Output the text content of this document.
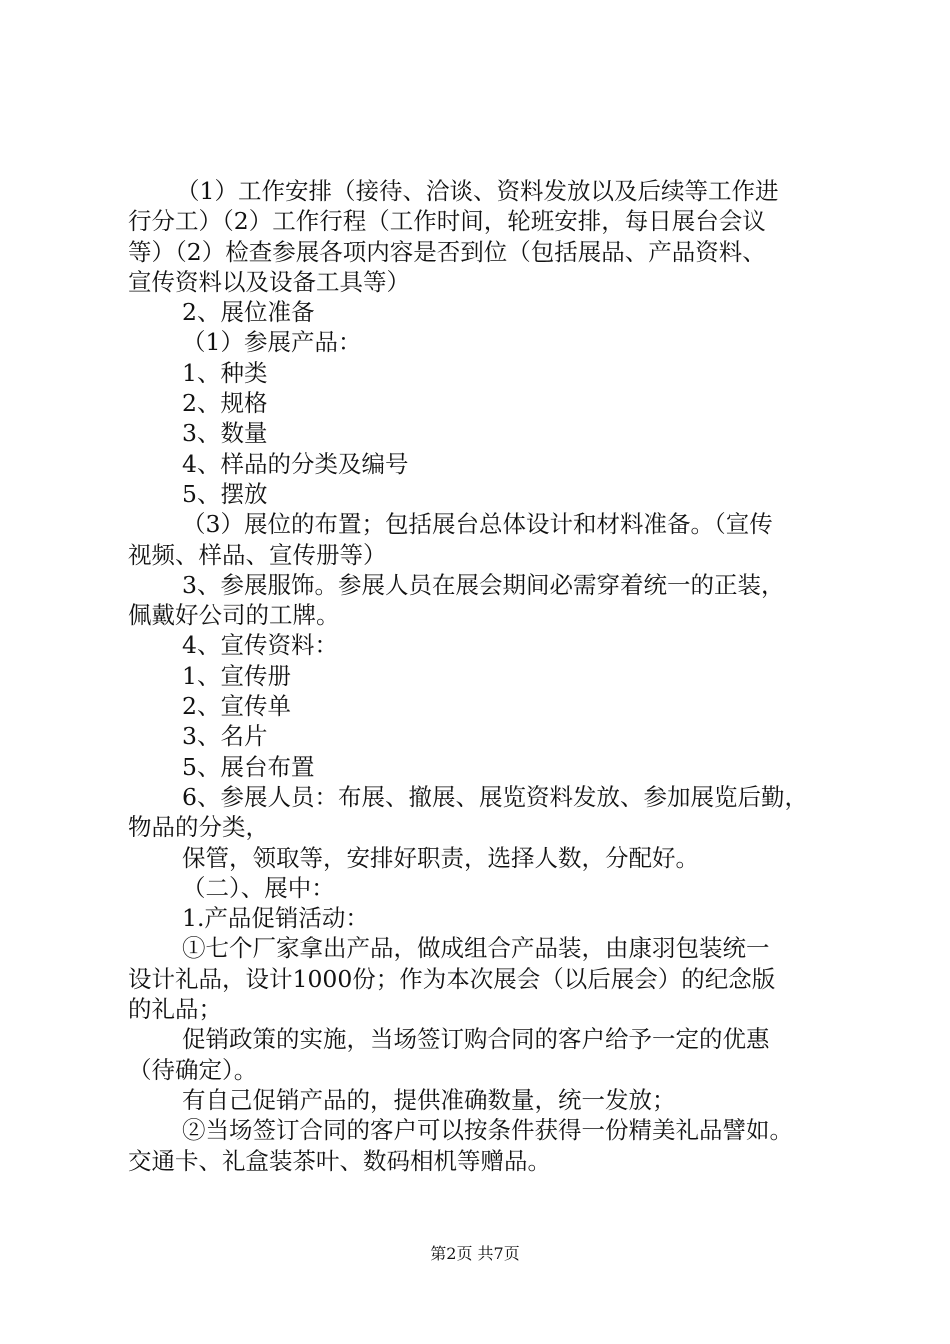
（1）工作安排（接待、洽谈、资料发放以及后续等工作进
行分工）（2）工作行程（工作时间，轮班安排，每日展台会议
等）（2）检查参展各项内容是否到位（包括展品、产品资料、
宣传资料以及设备工具等）
2、展位准备
（1）参展产品：
1、种类
2、规格
3、数量
4、样品的分类及编号
5、摆放
（3）展位的布置；包括展台总体设计和材料准备。（宣传
视频、样品、宣传册等）
3、参展服饰。参展人员在展会期间必需穿着统一的正装，
佩戴好公司的工牌。
4、宣传资料：
1、宣传册
2、宣传单
3、名片
5、展台布置
6、参展人员：布展、撤展、展览资料发放、参加展览后勤，
物品的分类，
保管，领取等，安排好职责，选择人数，分配好。
（二）、展中：
1.产品促销活动：
①七个厂家拿出产品，做成组合产品装，由康羽包装统一
设计礼品，设计1000份；作为本次展会（以后展会）的纪念版
的礼品；
促销政策的实施，当场签订购合同的客户给予一定的优惠
（待确定）。
有自己促销产品的，提供准确数量，统一发放；
②当场签订合同的客户可以按条件获得一份精美礼品譬如。
交通卡、礼盒装茶叶、数码相机等赠品。
第2页 共7页
